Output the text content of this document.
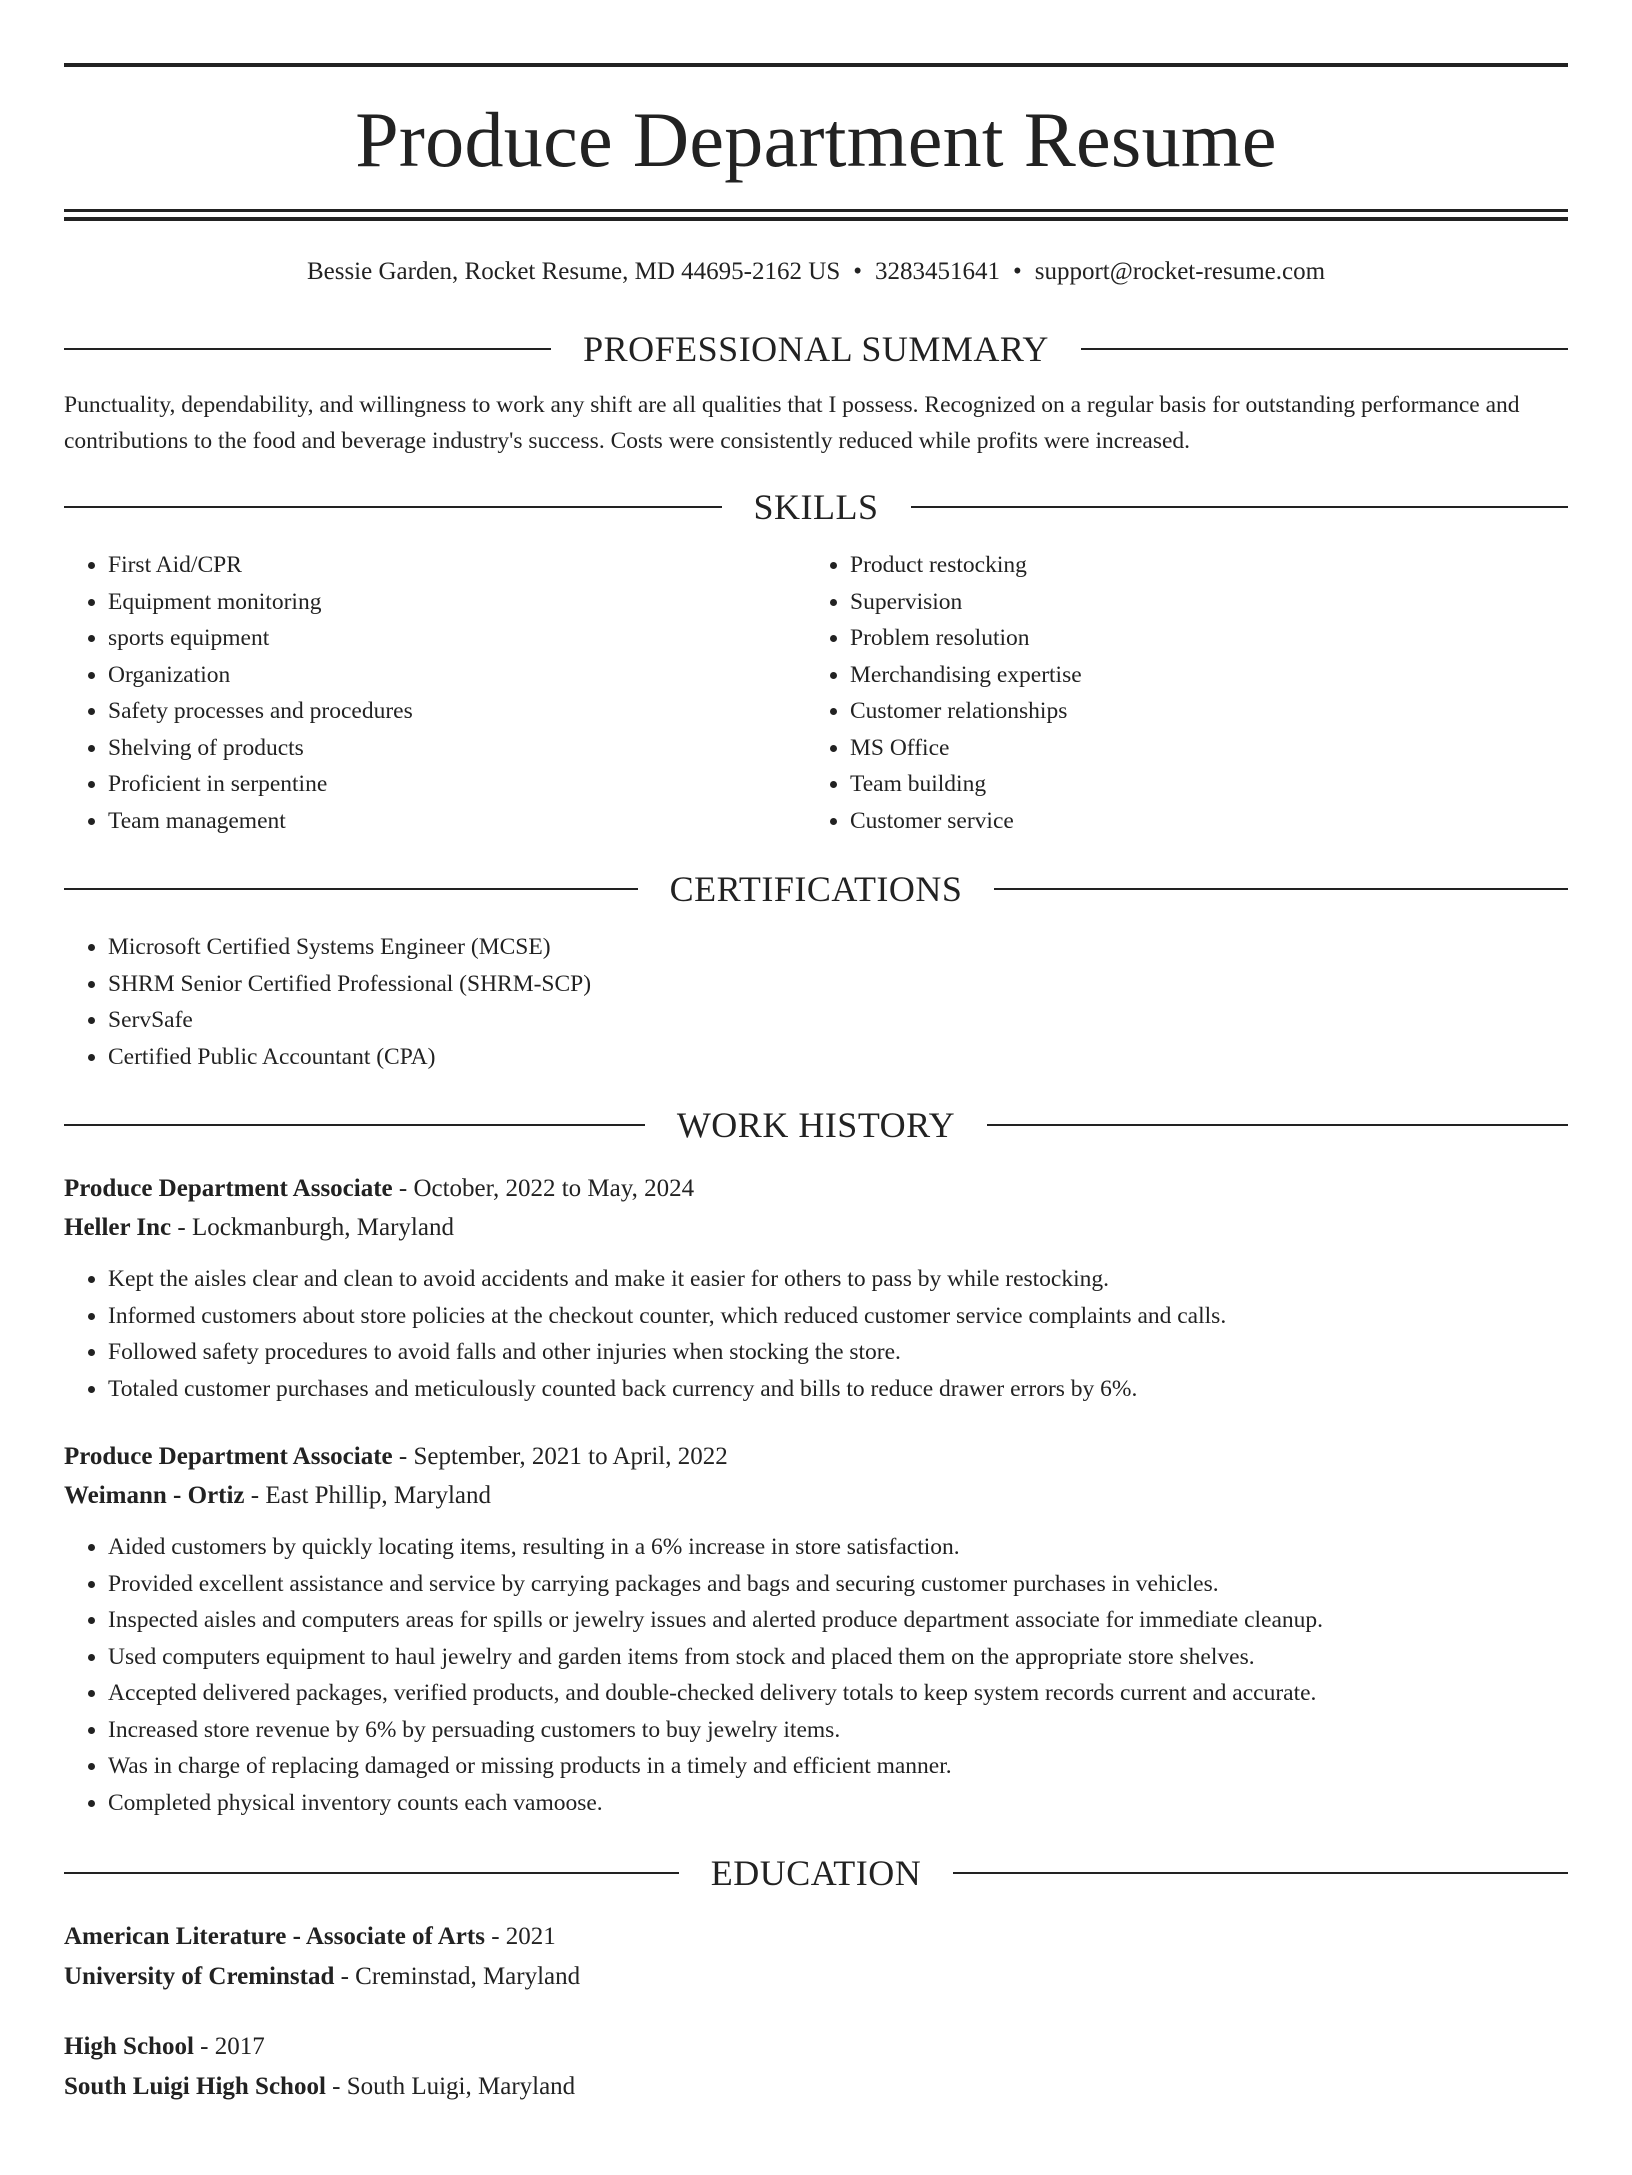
Produce Department Resume
Bessie Garden, Rocket Resume, MD 44695-2162 US • 3283451641 • support@rocket-resume.com
PROFESSIONAL SUMMARY
Punctuality, dependability, and willingness to work any shift are all qualities that I possess. Recognized on a regular basis for outstanding performance and contributions to the food and beverage industry's success. Costs were consistently reduced while profits were increased.
SKILLS
• First Aid/CPR
• Equipment monitoring
• sports equipment
• Organization
• Safety processes and procedures
• Shelving of products
• Proficient in serpentine
• Team management
• Product restocking
• Supervision
• Problem resolution
• Merchandising expertise
• Customer relationships
• MS Office
• Team building
• Customer service
CERTIFICATIONS
• Microsoft Certified Systems Engineer (MCSE)
• SHRM Senior Certified Professional (SHRM-SCP)
• ServSafe
• Certified Public Accountant (CPA)
WORK HISTORY
Produce Department Associate - October, 2022 to May, 2024
Heller Inc - Lockmanburgh, Maryland
• Kept the aisles clear and clean to avoid accidents and make it easier for others to pass by while restocking.
• Informed customers about store policies at the checkout counter, which reduced customer service complaints and calls.
• Followed safety procedures to avoid falls and other injuries when stocking the store.
• Totaled customer purchases and meticulously counted back currency and bills to reduce drawer errors by 6%.
Produce Department Associate - September, 2021 to April, 2022
Weimann - Ortiz - East Phillip, Maryland
• Aided customers by quickly locating items, resulting in a 6% increase in store satisfaction.
• Provided excellent assistance and service by carrying packages and bags and securing customer purchases in vehicles.
• Inspected aisles and computers areas for spills or jewelry issues and alerted produce department associate for immediate cleanup.
• Used computers equipment to haul jewelry and garden items from stock and placed them on the appropriate store shelves.
• Accepted delivered packages, verified products, and double-checked delivery totals to keep system records current and accurate.
• Increased store revenue by 6% by persuading customers to buy jewelry items.
• Was in charge of replacing damaged or missing products in a timely and efficient manner.
• Completed physical inventory counts each vamoose.
EDUCATION
American Literature - Associate of Arts - 2021
University of Creminstad - Creminstad, Maryland
High School - 2017
South Luigi High School - South Luigi, Maryland
